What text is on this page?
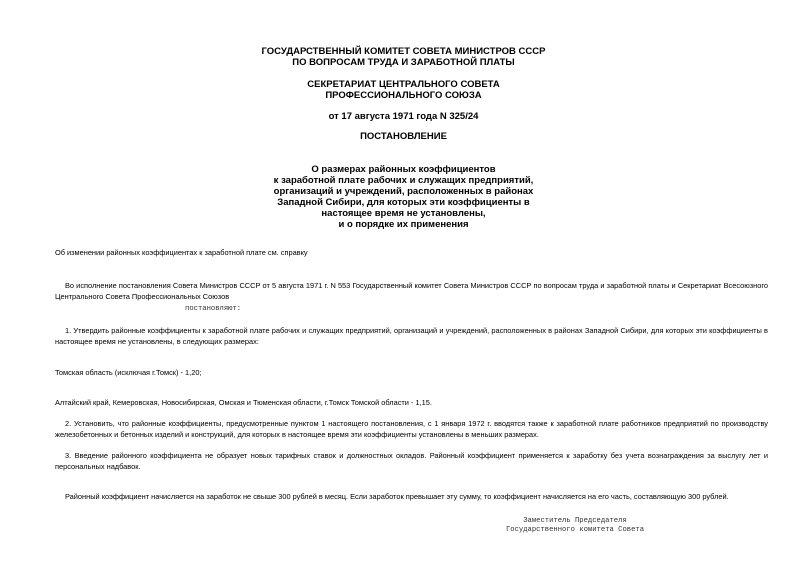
ГОСУДАРСТВЕННЫЙ КОМИТЕТ СОВЕТА МИНИСТРОВ СССР
ПО ВОПРОСАМ ТРУДА И ЗАРАБОТНОЙ ПЛАТЫ
СЕКРЕТАРИАТ ЦЕНТРАЛЬНОГО СОВЕТА
ПРОФЕССИОНАЛЬНОГО СОЮЗА
от 17 августа 1971 года N 325/24
ПОСТАНОВЛЕНИЕ
О размерах районных коэффициентов
к заработной плате рабочих и служащих предприятий,
организаций и учреждений, расположенных в районах
Западной Сибири, для которых эти коэффициенты в
настоящее время не установлены,
и о порядке их применения
Об изменении районных коэффициентах к заработной плате см. справку
Во исполнение постановления Совета Министров СССР от 5 августа 1971 г. N 553 Государственный комитет Совета Министров СССР по вопросам труда и заработной платы и Секретариат Всесоюзного Центрального Совета Профессиональных Союзов
постановляют:
1. Утвердить районные коэффициенты к заработной плате рабочих и служащих предприятий, организаций и учреждений, расположенных в районах Западной Сибири, для которых эти коэффициенты в настоящее время не установлены, в следующих размерах:
Томская область (исключая г.Томск) - 1,20;
Алтайский край, Кемеровская, Новосибирская, Омская и Тюменская области, г.Томск Томской области - 1,15.
2. Установить, что районные коэффициенты, предусмотренные пунктом 1 настоящего постановления, с 1 января 1972 г. вводятся также к заработной плате работников предприятий по производству железобетонных и бетонных изделий и конструкций, для которых в настоящее время эти коэффициенты установлены в меньших размерах.
3. Введение районного коэффициента не образует новых тарифных ставок и должностных окладов. Районный коэффициент применяется к заработку без учета вознаграждения за выслугу лет и персональных надбавок.
Районный коэффициент начисляется на заработок не свыше 300 рублей в месяц. Если заработок превышает эту сумму, то коэффициент начисляется на его часть, составляющую 300 рублей.
Заместитель Председателя
Государственного комитета Совета
